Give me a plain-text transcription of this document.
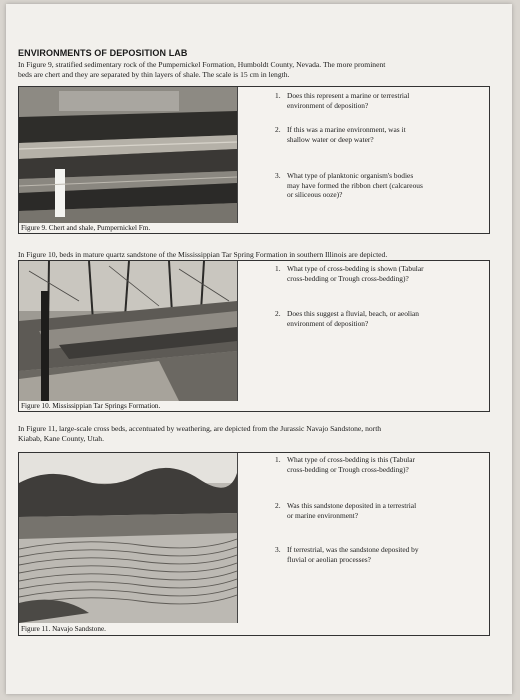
ENVIRONMENTS OF DEPOSITION LAB
In Figure 9, stratified sedimentary rock of the Pumpernickel Formation, Humboldt County, Nevada. The more prominent
beds are chert and they are separated by thin layers of shale. The scale is 15 cm in length.
Figure 9. Chert and shale, Pumpernickel Fm.
1. Does this represent a marine or terrestrial
environment of deposition?
2. If this was a marine environment, was it
shallow water or deep water?
3. What type of planktonic organism's bodies
may have formed the ribbon chert (calcareous
or siliceous ooze)?
In Figure 10, beds in mature quartz sandstone of the Mississippian Tar Spring Formation in southern Illinois are depicted.
Figure 10. Mississippian Tar Springs Formation.
1. What type of cross-bedding is shown (Tabular
cross-bedding or Trough cross-bedding)?
2. Does this suggest a fluvial, beach, or aeolian
environment of deposition?
In Figure 11, large-scale cross beds, accentuated by weathering, are depicted from the Jurassic Navajo Sandstone, north
Kiabab, Kane County, Utah.
Figure 11. Navajo Sandstone.
1. What type of cross-bedding is this (Tabular
cross-bedding or Trough cross-bedding)?
2. Was this sandstone deposited in a terrestrial
or marine environment?
3. If terrestrial, was the sandstone deposited by
fluvial or aeolian processes?
